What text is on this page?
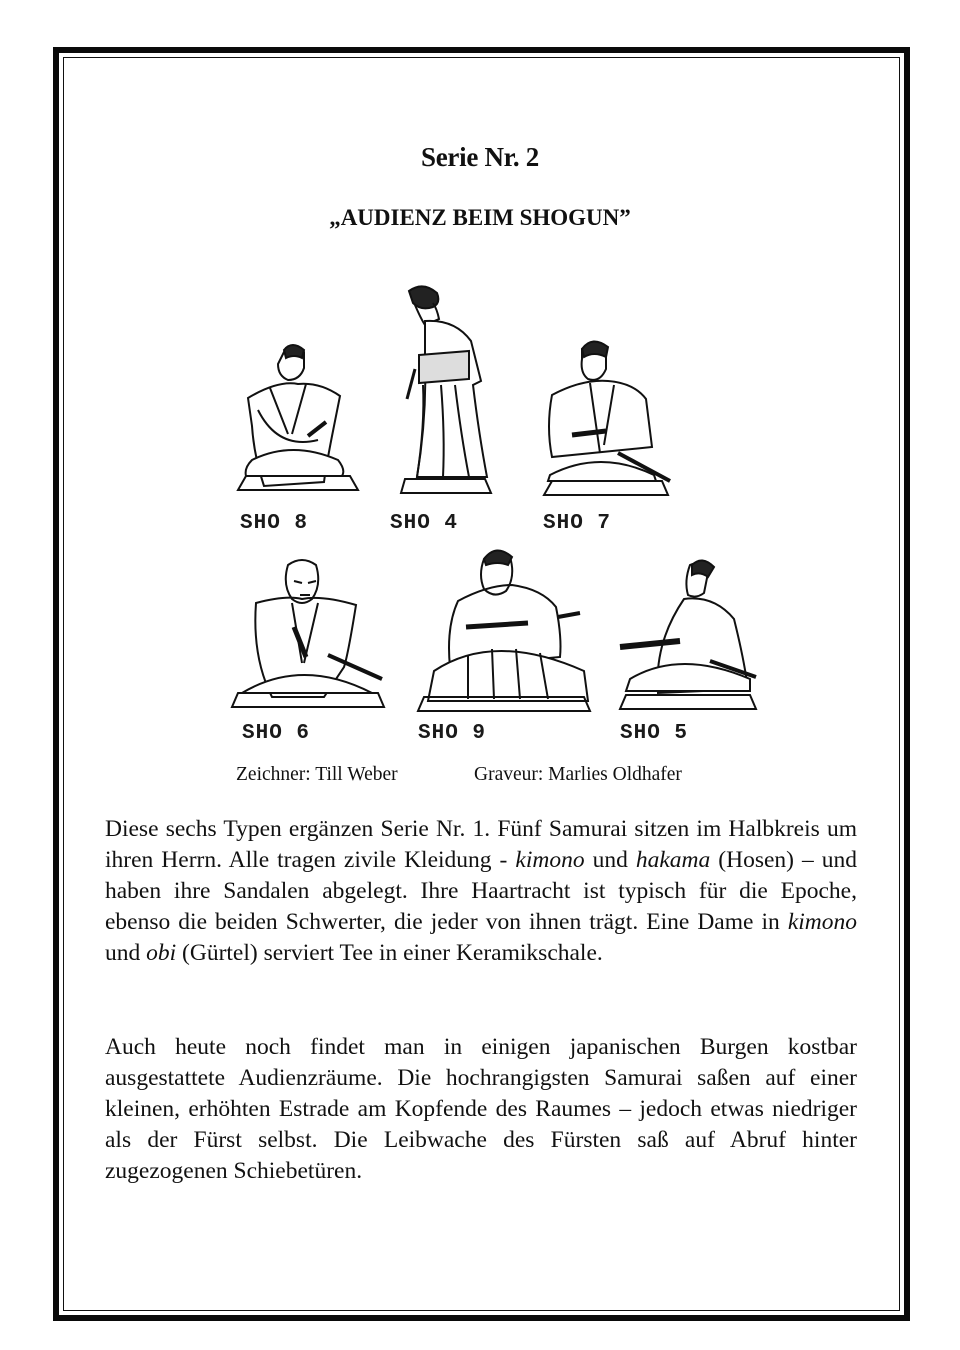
Serie Nr. 2
„AUDIENZ BEIM SHOGUN”
SHO 8	SHO 4	SHO 7
SHO 6	SHO 9	SHO 5
Zeichner: Till Weber	Graveur: Marlies Oldhafer
Diese sechs Typen ergänzen Serie Nr. 1. Fünf Samurai sitzen im Halbkreis um ihren Herrn. Alle tragen zivile Kleidung - kimono und hakama (Hosen) – und haben ihre Sandalen abgelegt. Ihre Haartracht ist typisch für die Epoche, ebenso die beiden Schwerter, die jeder von ihnen trägt. Eine Dame in kimono und obi (Gürtel) serviert Tee in einer Keramikschale.
Auch heute noch findet man in einigen japanischen Burgen kostbar ausgestattete Audienzräume. Die hochrangigsten Samurai saßen auf einer kleinen, erhöhten Estrade am Kopfende des Raumes – jedoch etwas niedriger als der Fürst selbst. Die Leibwache des Fürsten saß auf Abruf hinter zugezogenen Schiebetüren.
